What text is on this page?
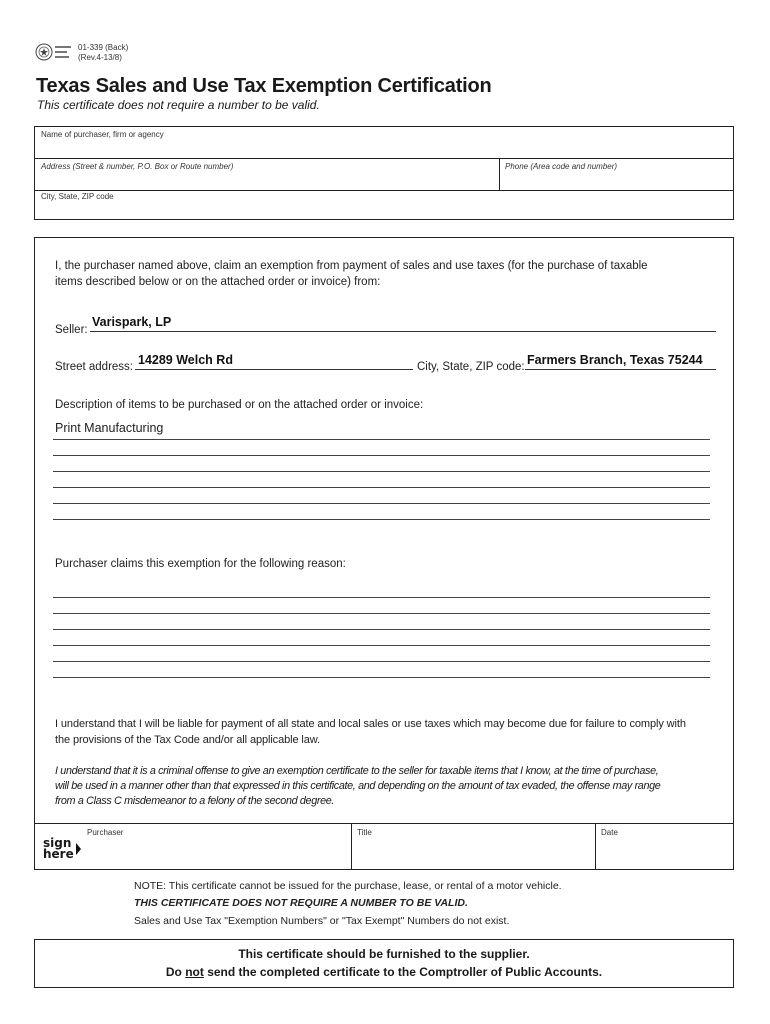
01-339 (Back)
(Rev.4-13/8)
Texas Sales and Use Tax Exemption Certification
This certificate does not require a number to be valid.
Name of purchaser, firm or agency
Address (Street & number, P.O. Box or Route number)	Phone (Area code and number)
City, State, ZIP code
I, the purchaser named above, claim an exemption from payment of sales and use taxes (for the purchase of taxable
items described below or on the attached order or invoice) from:
Seller:
Varispark, LP
Street address: 14289 Welch Rd	City, State, ZIP code: Farmers Branch, Texas 75244
Description of items to be purchased or on the attached order or invoice:
Print Manufacturing
Purchaser claims this exemption for the following reason:
I understand that I will be liable for payment of all state and local sales or use taxes which may become due for failure to comply with
the provisions of the Tax Code and/or all applicable law.
I understand that it is a criminal offense to give an exemption certificate to the seller for taxable items that I know, at the time of purchase,
will be used in a manner other than that expressed in this certificate, and depending on the amount of tax evaded, the offense may range
from a Class C misdemeanor to a felony of the second degree.
sign
here
Purchaser	Title	Date
NOTE: This certificate cannot be issued for the purchase, lease, or rental of a motor vehicle.
THIS CERTIFICATE DOES NOT REQUIRE A NUMBER TO BE VALID.
Sales and Use Tax "Exemption Numbers" or "Tax Exempt" Numbers do not exist.
This certificate should be furnished to the supplier.
Do not send the completed certificate to the Comptroller of Public Accounts.
